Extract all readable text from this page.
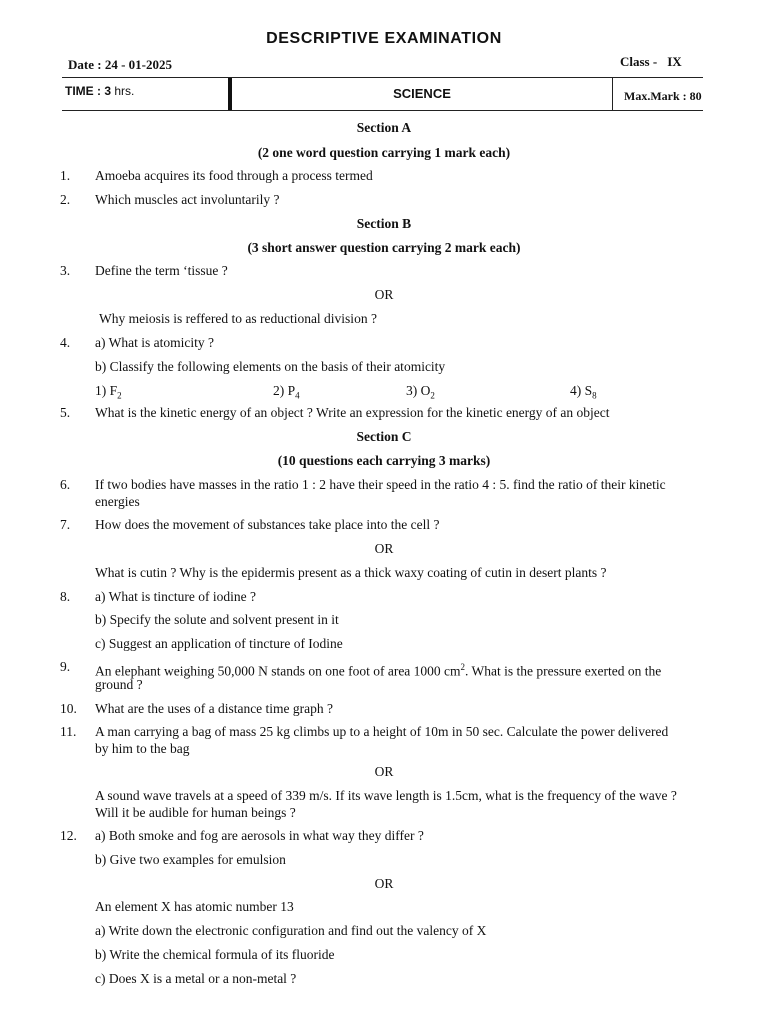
DESCRIPTIVE EXAMINATION
Date : 24 - 01-2025	Class - IX
TIME : 3 hrs.	SCIENCE	Max.Mark : 80
Section A
(2 one word question carrying 1 mark each)
1. Amoeba acquires its food through a process termed
2. Which muscles act involuntarily ?
Section B
(3 short answer question carrying 2 mark each)
3. Define the term ‘tissue ?
OR
Why meiosis is reffered to as reductional division ?
4. a) What is atomicity ?
b) Classify the following elements on the basis of their atomicity
1) $F_2$	2) $P_4$	3) $O_2$	4) $S_8$
5. What is the kinetic energy of an object ? Write an expression for the kinetic energy of an object
Section C
(10 questions each carrying 3 marks)
6. If two bodies have masses in the ratio 1 : 2 have their speed in the ratio 4 : 5. find the ratio of their kinetic
energies
7. How does the movement of substances take place into the cell ?
OR
What is cutin ? Why is the epidermis present as a thick waxy coating of cutin in desert plants ?
8. a) What is tincture of iodine ?
b) Specify the solute and solvent present in it
c) Suggest an application of tincture of Iodine
9. An elephant weighing 50,000 N stands on one foot of area 1000 $cm^2$. What is the pressure exerted on the
ground ?
10. What are the uses of a distance time graph ?
11. A man carrying a bag of mass 25 kg climbs up to a height of 10m in 50 sec. Calculate the power delivered
by him to the bag
OR
A sound wave travels at a speed of 339 m/s. If its wave length is 1.5cm, what is the frequency of the wave ?
Will it be audible for human beings ?
12. a) Both smoke and fog are aerosols in what way they differ ?
b) Give two examples for emulsion
OR
An element X has atomic number 13
a) Write down the electronic configuration and find out the valency of X
b) Write the chemical formula of its fluoride
c) Does X is a metal or a non-metal ?
